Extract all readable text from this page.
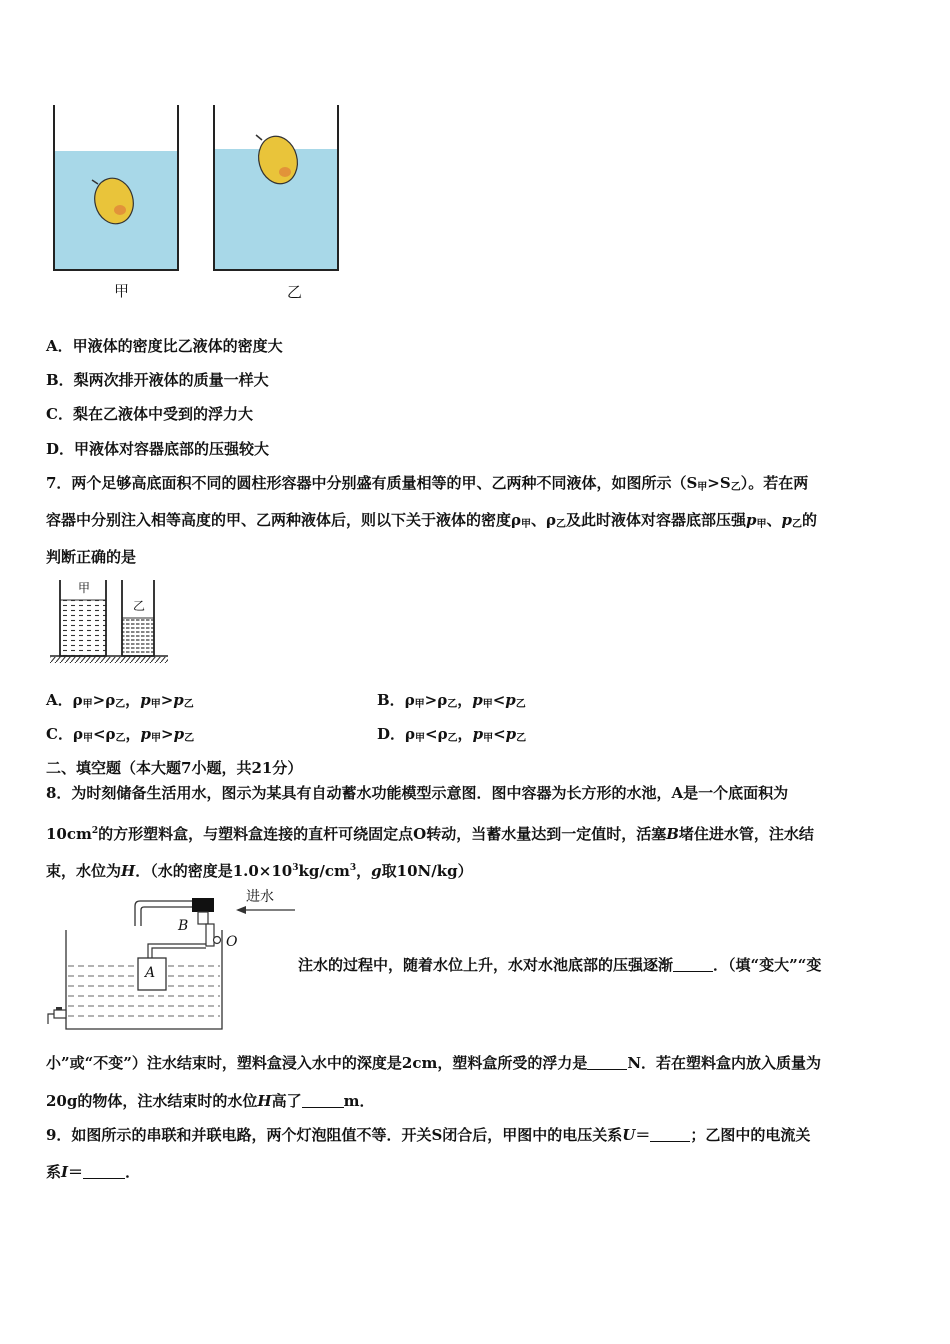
甲	乙
A．甲液体的密度比乙液体的密度大
B．梨两次排开液体的质量一样大
C．梨在乙液体中受到的浮力大
D．甲液体对容器底部的压强较大
7．两个足够高底面积不同的圆柱形容器中分别盛有质量相等的甲、乙两种不同液体，如图所示$(S_甲>S_乙)$。若在两
容器中分别注入相等高度的甲、乙两种液体后，则以下关于液体的密度$\rho_甲$、$\rho_乙$及此时液体对容器底部压强$p_甲$、$p_乙$的
判断正确的是
甲
乙
A．$\rho_甲>\rho_乙$，$p_甲>p_乙$	B．$\rho_甲>\rho_乙$，$p_甲<p_乙$
C．$\rho_甲<\rho_乙$，$p_甲>p_乙$	D．$\rho_甲<\rho_乙$，$p_甲<p_乙$
二、填空题（本大题7小题，共21分）
8．为时刻储备生活用水，图示为某具有自动蓄水功能模型示意图．图中容器为长方形的水池，A是一个底面积为
$10cm^2$的方形塑料盒，与塑料盒连接的直杆可绕固定点O转动，当蓄水量达到一定值时，活塞B堵住进水管，注水结
束，水位为H．（水的密度是$1.0\times 10^3kg/cm^3$，g取10N/kg）
进水
B
O
A	注水的过程中，随着水位上升，水对水池底部的压强逐渐	．（填“变大”“变
小”或“不变”）注水结束时，塑料盒浸入水中的深度是2cm，塑料盒所受的浮力是	N．若在塑料盒内放入质量为
20g的物体，注水结束时的水位H高了	m．
9．如图所示的串联和并联电路，两个灯泡阻值不等．开关S闭合后，甲图中的电压关系U＝	；乙图中的电流关
系I＝	．
